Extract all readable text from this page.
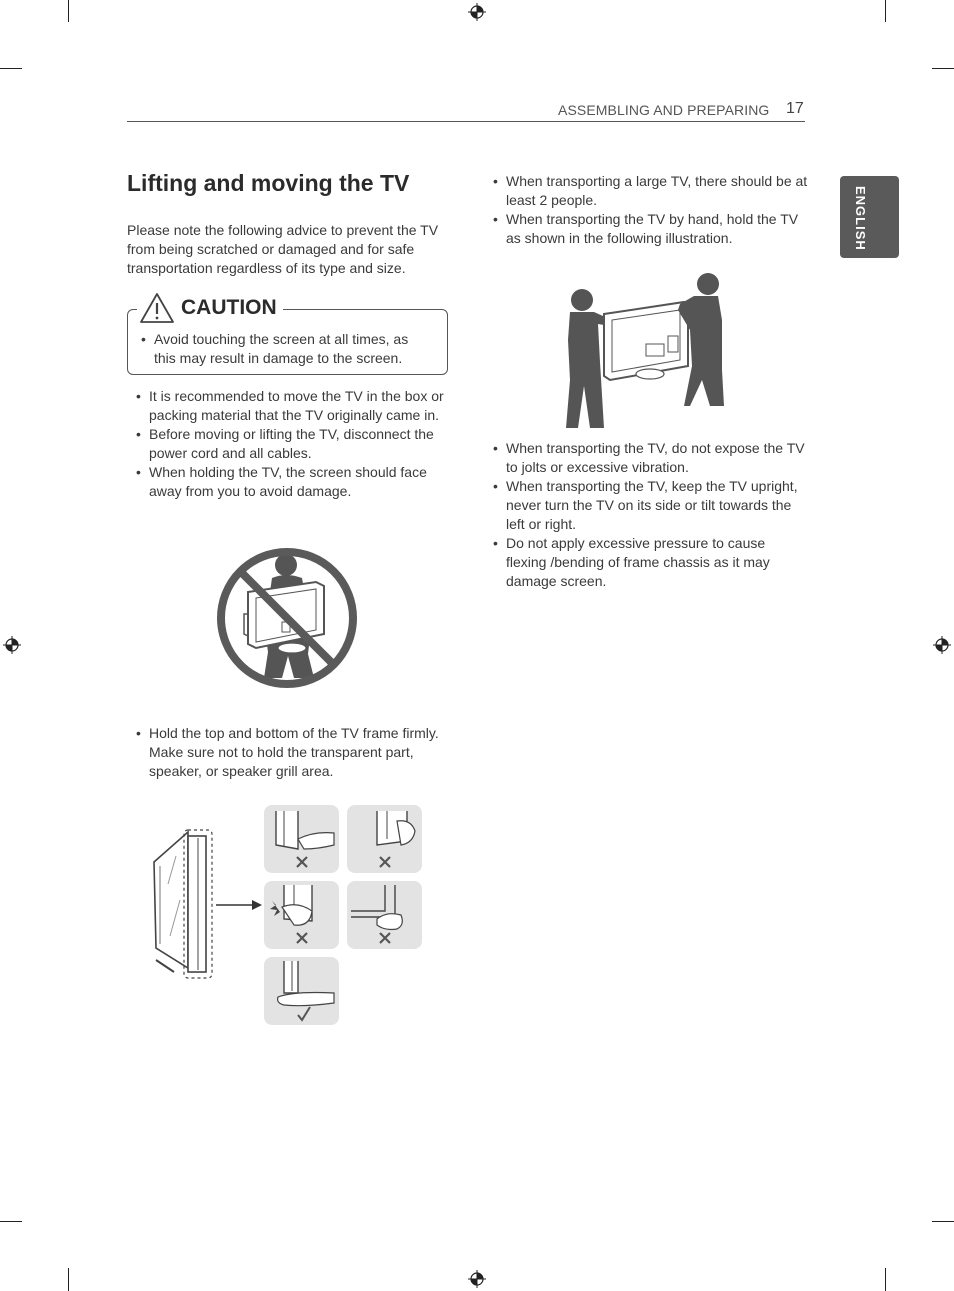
ASSEMBLING AND PREPARING 17
ENGLISH
Lifting and moving the TV
Please note the following advice to prevent the TV from being scratched or damaged and for safe transportation regardless of its type and size.
CAUTION
• Avoid touching the screen at all times, as this may result in damage to the screen.
• It is recommended to move the TV in the box or packing material that the TV originally came in.
• Before moving or lifting the TV, disconnect the power cord and all cables.
• When holding the TV, the screen should face away from you to avoid damage.
• Hold the top and bottom of the TV frame firmly. Make sure not to hold the transparent part, speaker, or speaker grill area.
• When transporting a large TV, there should be at least 2 people.
• When transporting the TV by hand, hold the TV as shown in the following illustration.
• When transporting the TV, do not expose the TV to jolts or excessive vibration.
• When transporting the TV, keep the TV upright, never turn the TV on its side or tilt towards the left or right.
• Do not apply excessive pressure to cause flexing /bending of frame chassis as it may damage screen.
